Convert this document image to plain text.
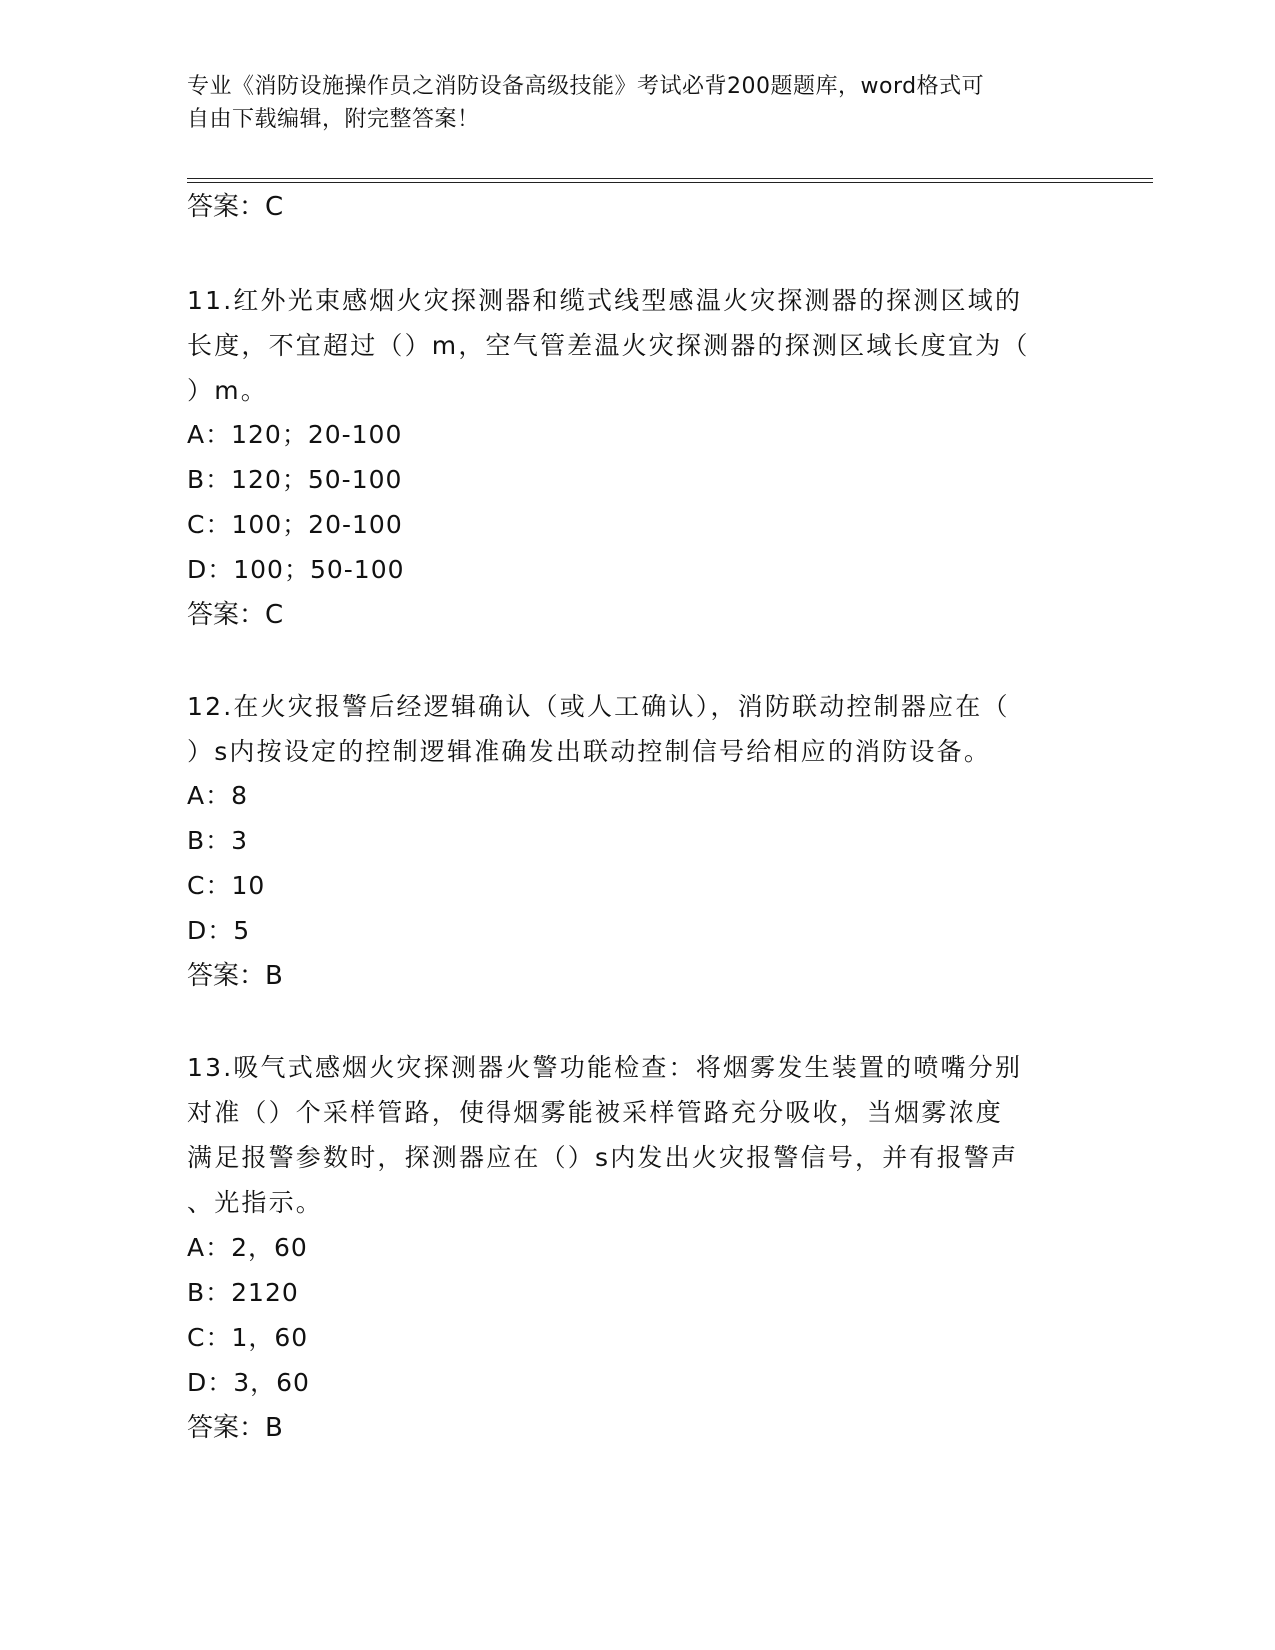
专业《消防设施操作员之消防设备高级技能》考试必背200题题库，word格式可
自由下载编辑，附完整答案！
答案：C
11.红外光束感烟火灾探测器和缆式线型感温火灾探测器的探测区域的
长度，不宜超过（）m，空气管差温火灾探测器的探测区域长度宜为（
）m。
A：120；20-100
B：120；50-100
C：100；20-100
D：100；50-100
答案：C
12.在火灾报警后经逻辑确认（或人工确认），消防联动控制器应在（
）s内按设定的控制逻辑准确发出联动控制信号给相应的消防设备。
A：8
B：3
C：10
D：5
答案：B
13.吸气式感烟火灾探测器火警功能检查：将烟雾发生装置的喷嘴分别
对准（）个采样管路，使得烟雾能被采样管路充分吸收，当烟雾浓度
满足报警参数时，探测器应在（）s内发出火灾报警信号，并有报警声
、光指示。
A：2，60
B：2120
C：1，60
D：3，60
答案：B
